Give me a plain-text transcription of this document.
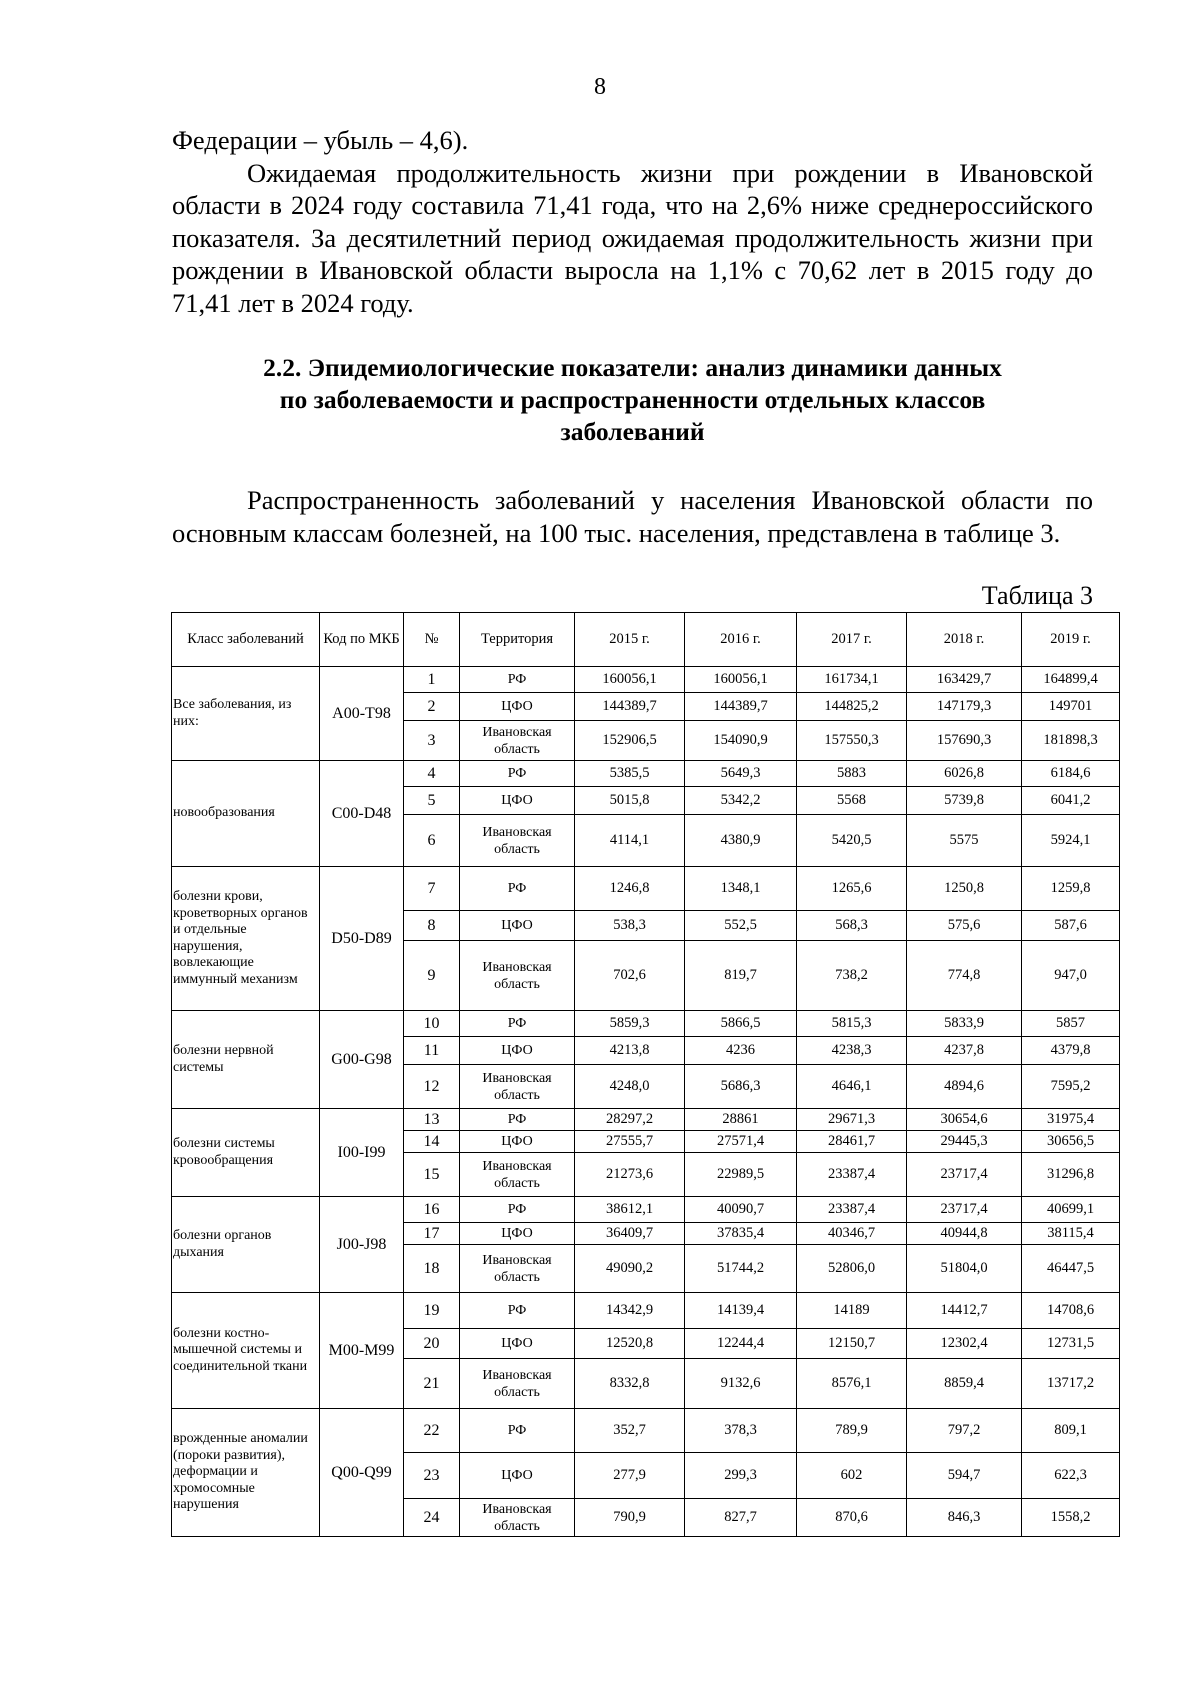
8

Федерации – убыль – 4,6).

Ожидаемая продолжительность жизни при рождении в Ивановской области в 2024 году составила 71,41 года, что на 2,6% ниже среднероссийского показателя. За десятилетний период ожидаемая продолжительность жизни при рождении в Ивановской области выросла на 1,1% с 70,62 лет в 2015 году до 71,41 лет в 2024 году.

2.2. Эпидемиологические показатели: анализ динамики данных
по заболеваемости и распространенности отдельных классов
заболеваний

Распространенность заболеваний у населения Ивановской области по основным классам болезней, на 100 тыс. населения, представлена в таблице 3.

Таблица 3
Класс заболеваний	Код по МКБ	№	Территория	2015 г.	2016 г.	2017 г.	2018 г.	2019 г.
Все заболевания, из них:	A00-T98	1	РФ	160056,1	160056,1	161734,1	163429,7	164899,4
		2	ЦФО	144389,7	144389,7	144825,2	147179,3	149701
		3	Ивановская область	152906,5	154090,9	157550,3	157690,3	181898,3
новообразования	C00-D48	4	РФ	5385,5	5649,3	5883	6026,8	6184,6
		5	ЦФО	5015,8	5342,2	5568	5739,8	6041,2
		6	Ивановская область	4114,1	4380,9	5420,5	5575	5924,1
болезни крови, кроветворных органов и отдельные нарушения, вовлекающие иммунный механизм	D50-D89	7	РФ	1246,8	1348,1	1265,6	1250,8	1259,8
		8	ЦФО	538,3	552,5	568,3	575,6	587,6
		9	Ивановская область	702,6	819,7	738,2	774,8	947,0
болезни нервной системы	G00-G98	10	РФ	5859,3	5866,5	5815,3	5833,9	5857
		11	ЦФО	4213,8	4236	4238,3	4237,8	4379,8
		12	Ивановская область	4248,0	5686,3	4646,1	4894,6	7595,2
болезни системы кровообращения	I00-I99	13	РФ	28297,2	28861	29671,3	30654,6	31975,4
		14	ЦФО	27555,7	27571,4	28461,7	29445,3	30656,5
		15	Ивановская область	21273,6	22989,5	23387,4	23717,4	31296,8
болезни органов дыхания	J00-J98	16	РФ	38612,1	40090,7	23387,4	23717,4	40699,1
		17	ЦФО	36409,7	37835,4	40346,7	40944,8	38115,4
		18	Ивановская область	49090,2	51744,2	52806,0	51804,0	46447,5
болезни костно-мышечной системы и соединительной ткани	M00-M99	19	РФ	14342,9	14139,4	14189	14412,7	14708,6
		20	ЦФО	12520,8	12244,4	12150,7	12302,4	12731,5
		21	Ивановская область	8332,8	9132,6	8576,1	8859,4	13717,2
врожденные аномалии (пороки развития), деформации и хромосомные нарушения	Q00-Q99	22	РФ	352,7	378,3	789,9	797,2	809,1
		23	ЦФО	277,9	299,3	602	594,7	622,3
		24	Ивановская область	790,9	827,7	870,6	846,3	1558,2
